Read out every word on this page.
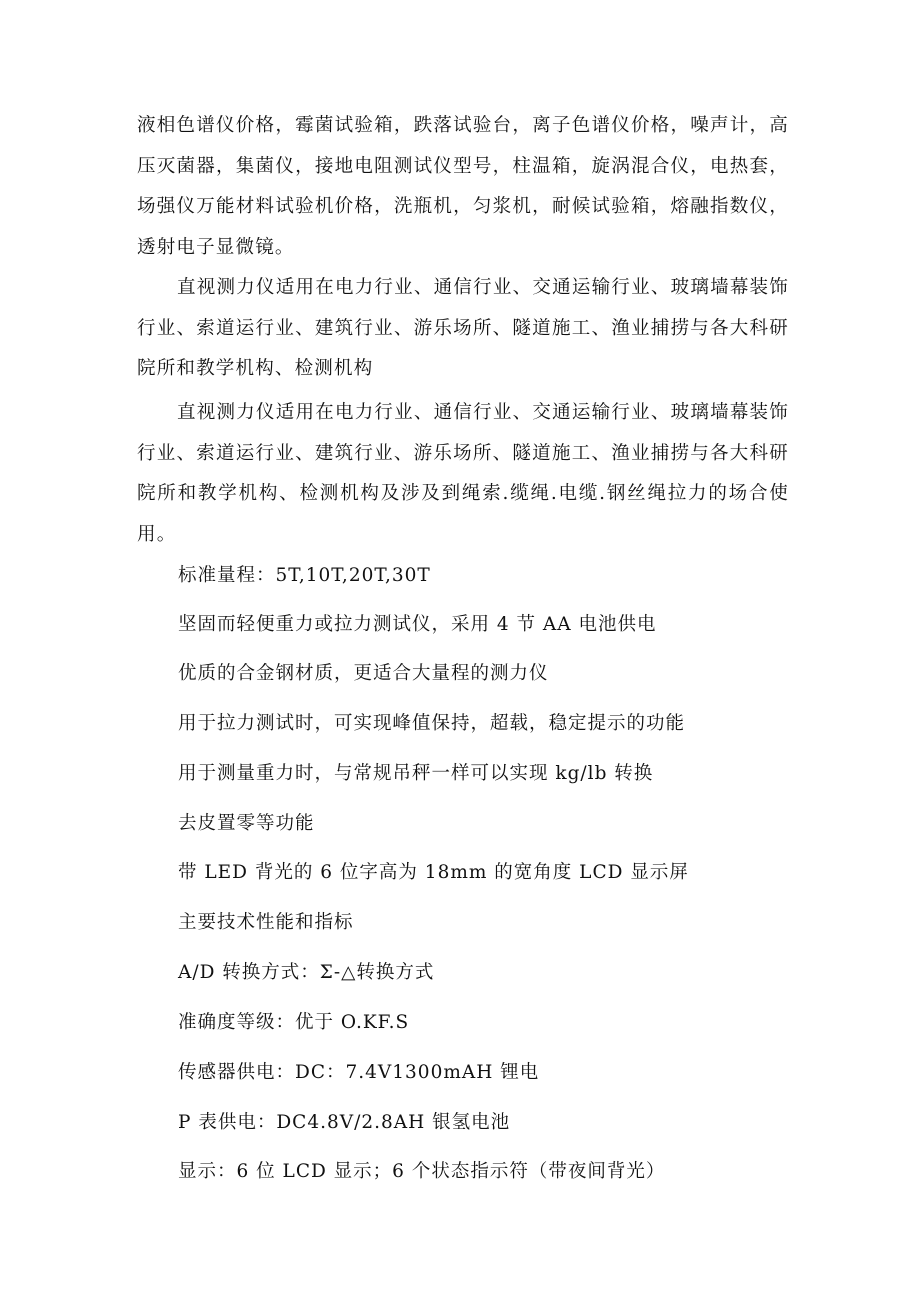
液相色谱仪价格，霉菌试验箱，跌落试验台，离子色谱仪价格，噪声计，高压灭菌器，集菌仪，接地电阻测试仪型号，柱温箱，旋涡混合仪，电热套，场强仪万能材料试验机价格，洗瓶机，匀浆机，耐候试验箱，熔融指数仪，透射电子显微镜。

直视测力仪适用在电力行业、通信行业、交通运输行业、玻璃墙幕装饰行业、索道运行业、建筑行业、游乐场所、隧道施工、渔业捕捞与各大科研院所和教学机构、检测机构

直视测力仪适用在电力行业、通信行业、交通运输行业、玻璃墙幕装饰行业、索道运行业、建筑行业、游乐场所、隧道施工、渔业捕捞与各大科研院所和教学机构、检测机构及涉及到绳索.缆绳.电缆.钢丝绳拉力的场合使用。

标准量程：5T,10T,20T,30T

坚固而轻便重力或拉力测试仪，采用 4 节 AA 电池供电

优质的合金钢材质，更适合大量程的测力仪

用于拉力测试时，可实现峰值保持，超载，稳定提示的功能

用于测量重力时，与常规吊秤一样可以实现 kg/lb 转换

去皮置零等功能

带 LED 背光的 6 位字高为 18mm 的宽角度 LCD 显示屏

主要技术性能和指标

A/D 转换方式：Σ-△转换方式

准确度等级：优于 O.KF.S

传感器供电：DC：7.4V1300mAH 锂电

P 表供电：DC4.8V/2.8AH 银氢电池

显示：6 位 LCD 显示；6 个状态指示符（带夜间背光）
